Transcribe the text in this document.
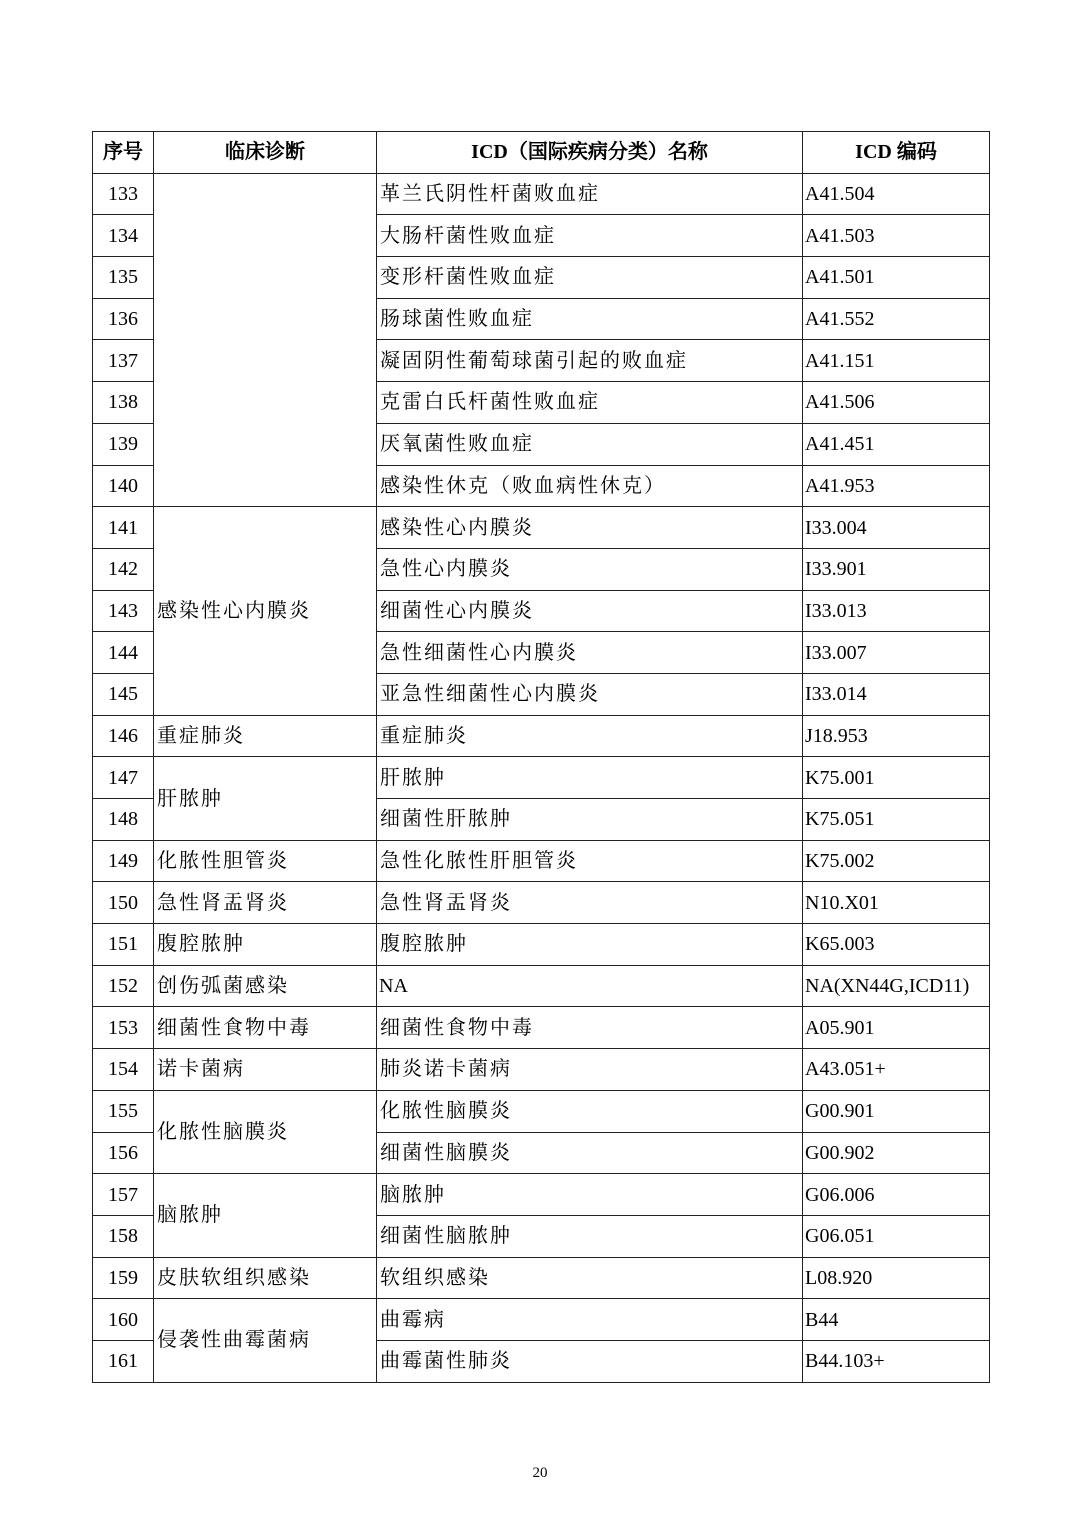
序号	临床诊断	ICD（国际疾病分类）名称	ICD 编码
133		革兰氏阴性杆菌败血症	A41.504
134		大肠杆菌性败血症	A41.503
135		变形杆菌性败血症	A41.501
136		肠球菌性败血症	A41.552
137		凝固阴性葡萄球菌引起的败血症	A41.151
138		克雷白氏杆菌性败血症	A41.506
139		厌氧菌性败血症	A41.451
140		感染性休克（败血病性休克）	A41.953
141	感染性心内膜炎	感染性心内膜炎	I33.004
142		急性心内膜炎	I33.901
143		细菌性心内膜炎	I33.013
144		急性细菌性心内膜炎	I33.007
145		亚急性细菌性心内膜炎	I33.014
146	重症肺炎	重症肺炎	J18.953
147	肝脓肿	肝脓肿	K75.001
148		细菌性肝脓肿	K75.051
149	化脓性胆管炎	急性化脓性肝胆管炎	K75.002
150	急性肾盂肾炎	急性肾盂肾炎	N10.X01
151	腹腔脓肿	腹腔脓肿	K65.003
152	创伤弧菌感染	NA	NA(XN44G,ICD11)
153	细菌性食物中毒	细菌性食物中毒	A05.901
154	诺卡菌病	肺炎诺卡菌病	A43.051+
155	化脓性脑膜炎	化脓性脑膜炎	G00.901
156		细菌性脑膜炎	G00.902
157	脑脓肿	脑脓肿	G06.006
158		细菌性脑脓肿	G06.051
159	皮肤软组织感染	软组织感染	L08.920
160	侵袭性曲霉菌病	曲霉病	B44
161		曲霉菌性肺炎	B44.103+
20
